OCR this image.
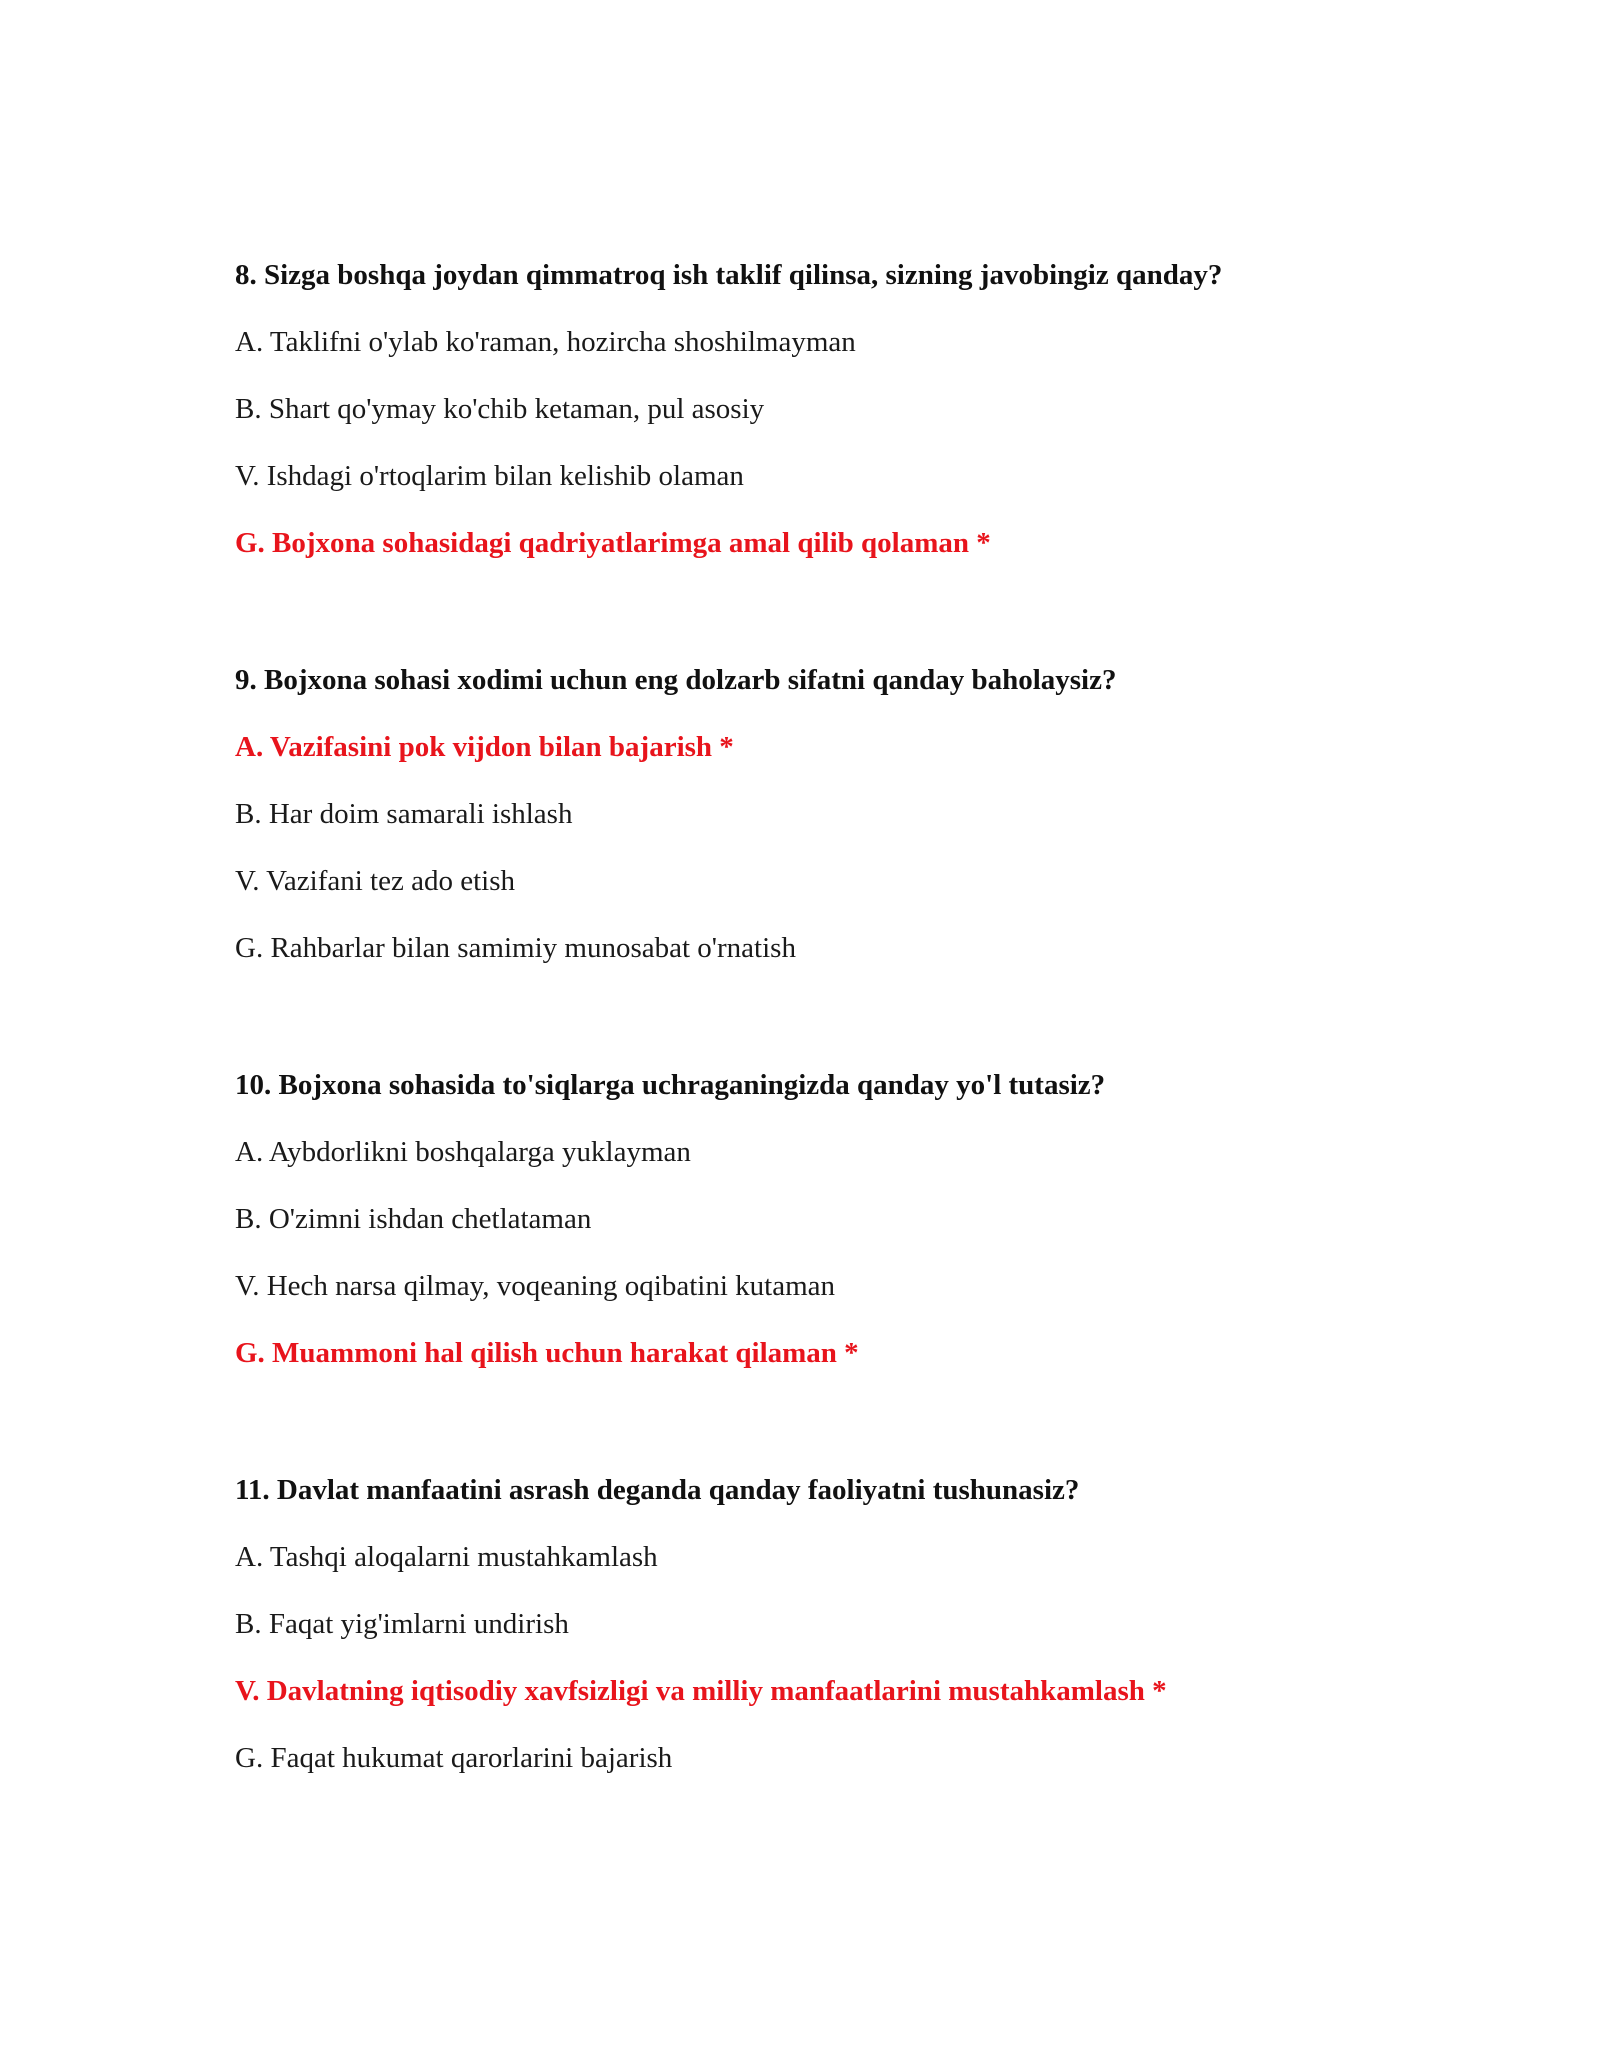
8. Sizga boshqa joydan qimmatroq ish taklif qilinsa, sizning javobingiz qanday?
A. Taklifni o'ylab ko'raman, hozircha shoshilmayman
B. Shart qo'ymay ko'chib ketaman, pul asosiy
V. Ishdagi o'rtoqlarim bilan kelishib olaman
G. Bojxona sohasidagi qadriyatlarimga amal qilib qolaman *
9. Bojxona sohasi xodimi uchun eng dolzarb sifatni qanday baholaysiz?
A. Vazifasini pok vijdon bilan bajarish *
B. Har doim samarali ishlash
V. Vazifani tez ado etish
G. Rahbarlar bilan samimiy munosabat o'rnatish
10. Bojxona sohasida to'siqlarga uchraganingizda qanday yo'l tutasiz?
A. Aybdorlikni boshqalarga yuklayman
B. O'zimni ishdan chetlataman
V. Hech narsa qilmay, voqeaning oqibatini kutaman
G. Muammoni hal qilish uchun harakat qilaman *
11. Davlat manfaatini asrash deganda qanday faoliyatni tushunasiz?
A. Tashqi aloqalarni mustahkamlash
B. Faqat yig'imlarni undirish
V. Davlatning iqtisodiy xavfsizligi va milliy manfaatlarini mustahkamlash *
G. Faqat hukumat qarorlarini bajarish
